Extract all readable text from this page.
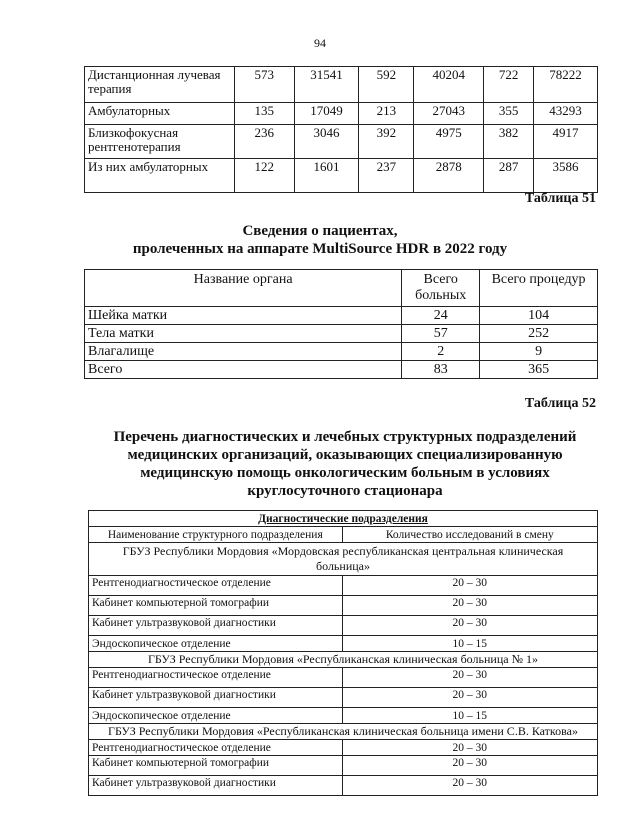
94
Дистанционная лучевая терапия	573	31541	592	40204	722	78222
Амбулаторных	135	17049	213	27043	355	43293
Близкофокусная рентгенотерапия	236	3046	392	4975	382	4917
Из них амбулаторных	122	1601	237	2878	287	3586
Таблица 51
Сведения о пациентах,
пролеченных на аппарате MultiSource HDR в 2022 году
Название органа	Всего больных	Всего процедур
Шейка матки	24	104
Тела матки	57	252
Влагалище	2	9
Всего	83	365
Таблица 52
Перечень диагностических и лечебных структурных подразделений
медицинских организаций, оказывающих специализированную
медицинскую помощь онкологическим больным в условиях
круглосуточного стационара
Диагностические подразделения	
Наименование структурного подразделения	Количество исследований в смену
ГБУЗ Республики Мордовия «Мордовская республиканская центральная клиническая больница»	
Рентгенодиагностическое отделение	20 – 30
Кабинет компьютерной томографии	20 – 30
Кабинет ультразвуковой диагностики	20 – 30
Эндоскопическое отделение	10 – 15
ГБУЗ Республики Мордовия «Республиканская клиническая больница № 1»	
Рентгенодиагностическое отделение	20 – 30
Кабинет ультразвуковой диагностики	20 – 30
Эндоскопическое отделение	10 – 15
ГБУЗ Республики Мордовия «Республиканская клиническая больница имени С.В. Каткова»	
Рентгенодиагностическое отделение	20 – 30
Кабинет компьютерной томографии	20 – 30
Кабинет ультразвуковой диагностики	20 – 30
